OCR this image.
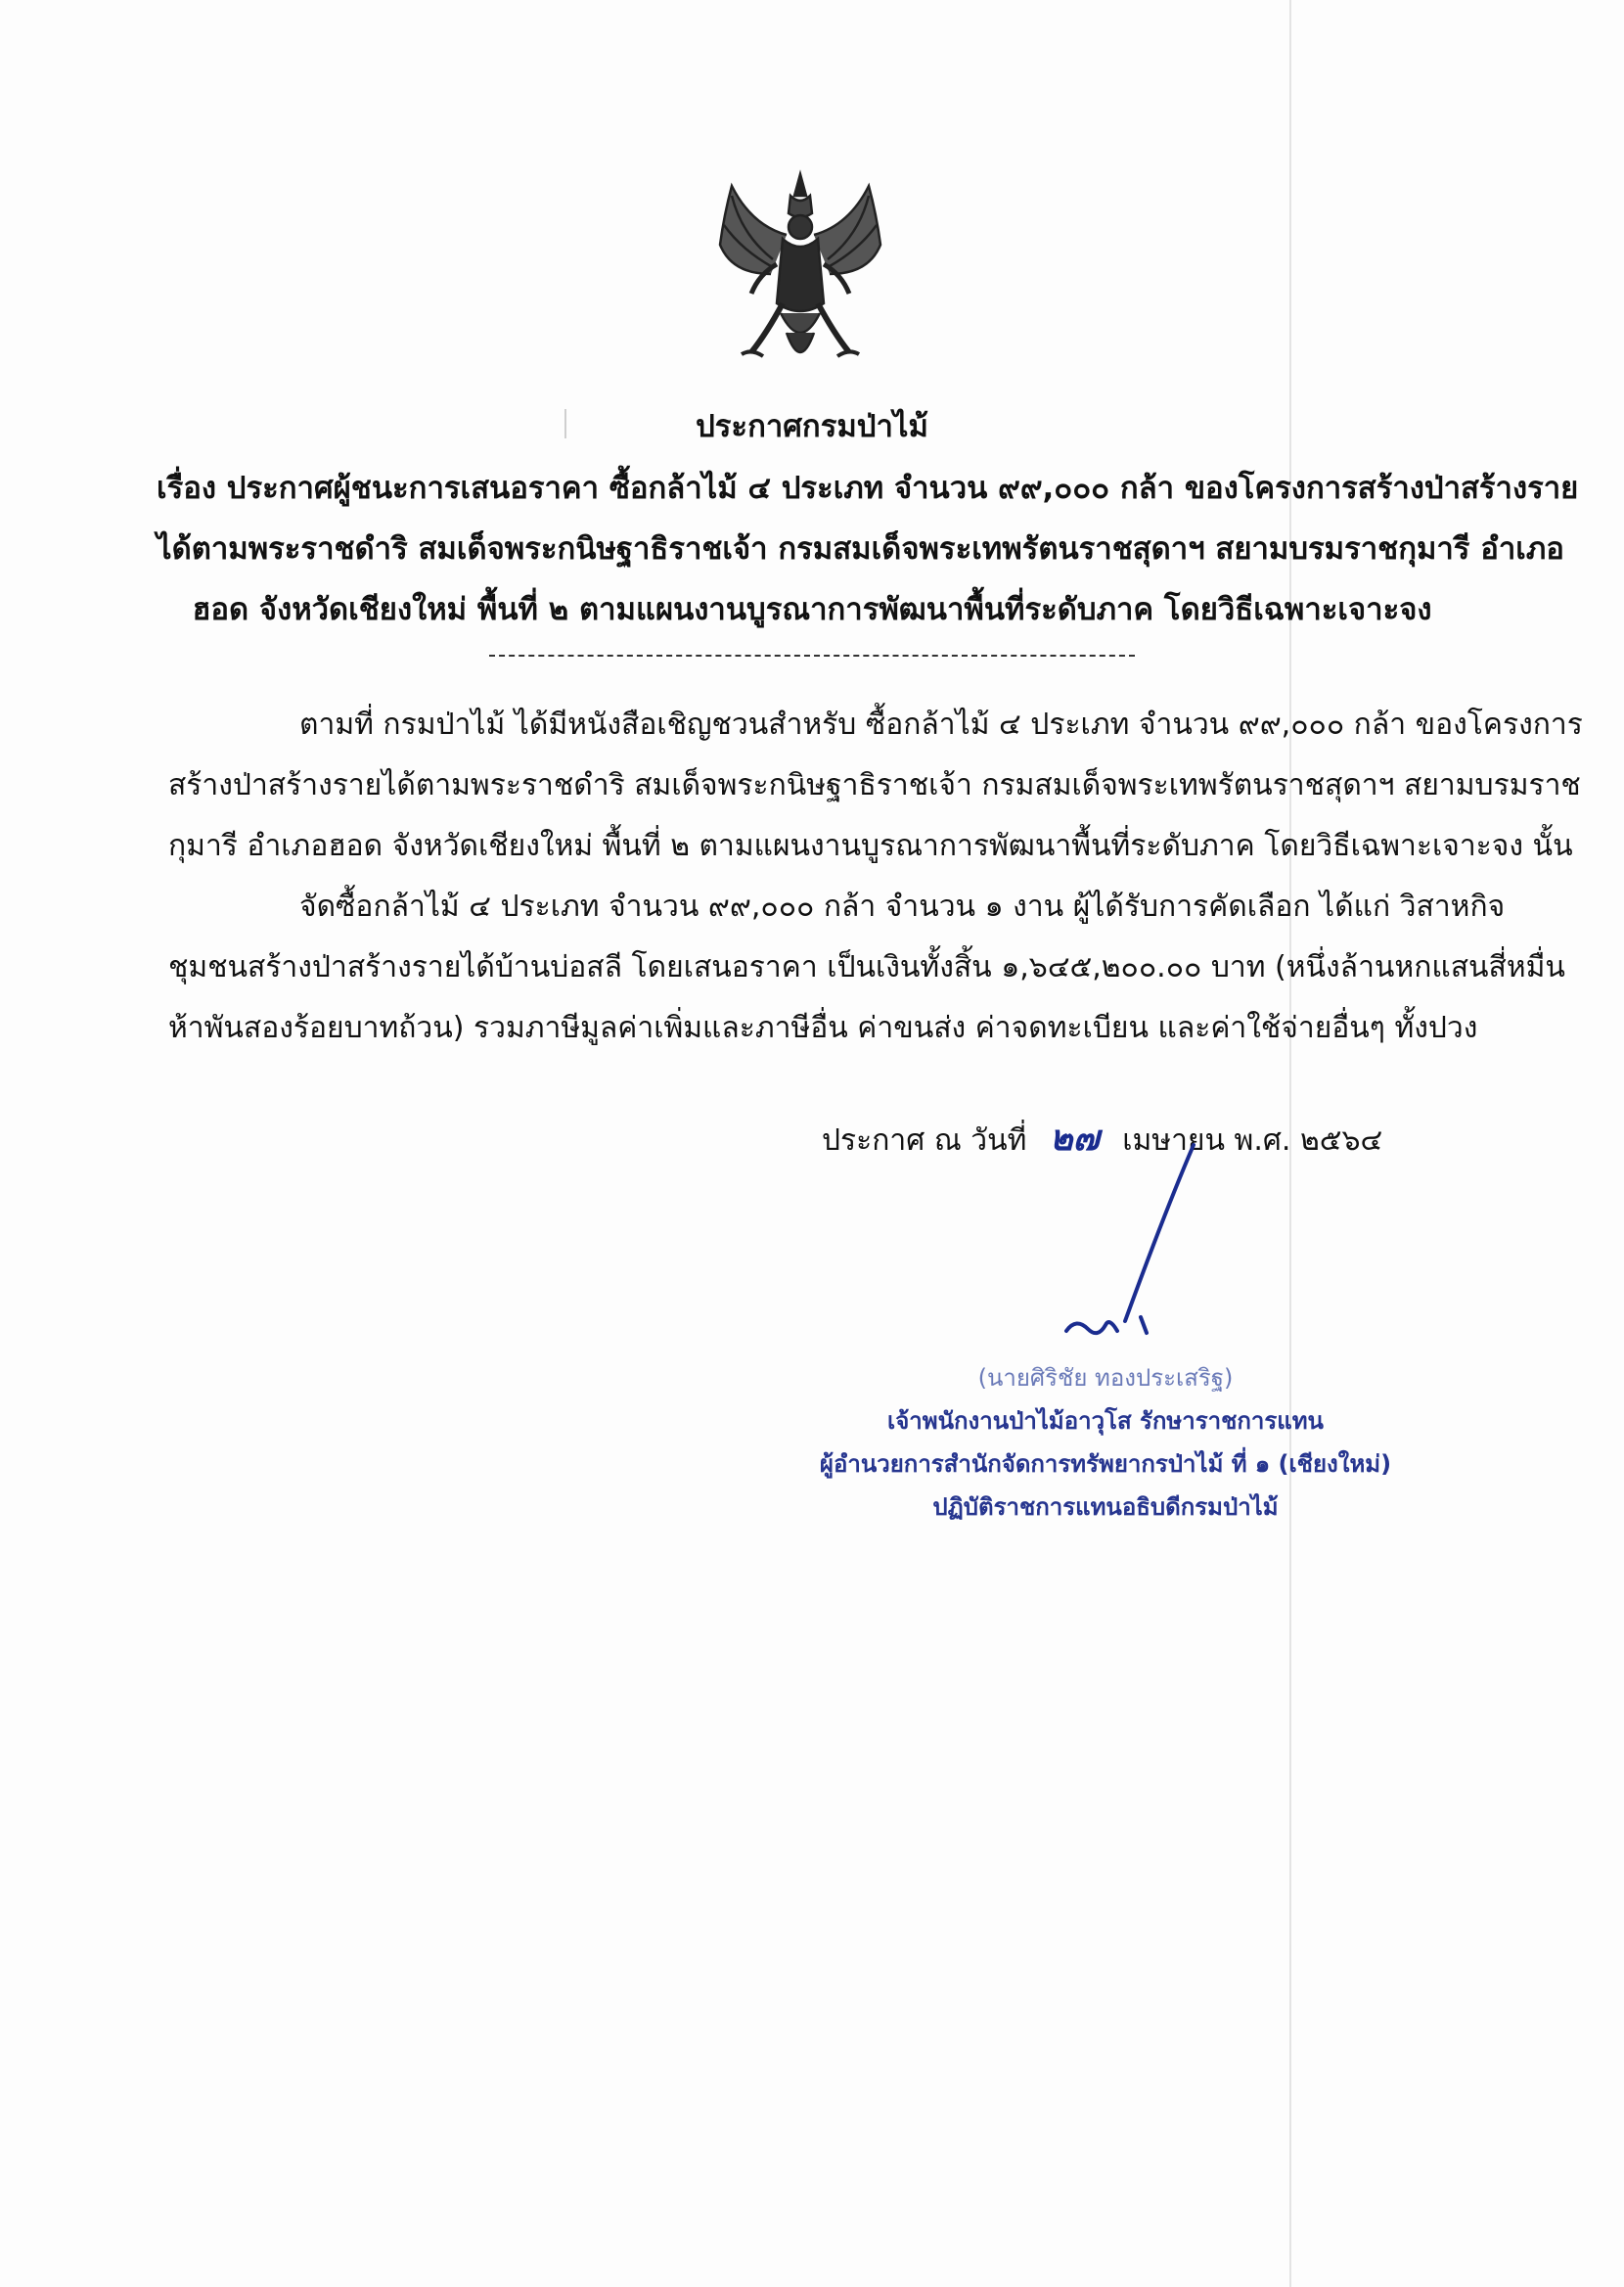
ประกาศกรมป่าไม้
เรื่อง ประกาศผู้ชนะการเสนอราคา ซื้อกล้าไม้ ๔ ประเภท จำนวน ๙๙,๐๐๐ กล้า ของโครงการสร้างป่าสร้างราย
ได้ตามพระราชดำริ สมเด็จพระกนิษฐาธิราชเจ้า กรมสมเด็จพระเทพรัตนราชสุดาฯ สยามบรมราชกุมารี อำเภอ
ฮอด จังหวัดเชียงใหม่ พื้นที่ ๒ ตามแผนงานบูรณาการพัฒนาพื้นที่ระดับภาค โดยวิธีเฉพาะเจาะจง
ตามที่ กรมป่าไม้ ได้มีหนังสือเชิญชวนสำหรับ ซื้อกล้าไม้ ๔ ประเภท จำนวน ๙๙,๐๐๐ กล้า ของโครงการ
สร้างป่าสร้างรายได้ตามพระราชดำริ สมเด็จพระกนิษฐาธิราชเจ้า กรมสมเด็จพระเทพรัตนราชสุดาฯ สยามบรมราช
กุมารี อำเภอฮอด จังหวัดเชียงใหม่ พื้นที่ ๒ ตามแผนงานบูรณาการพัฒนาพื้นที่ระดับภาค โดยวิธีเฉพาะเจาะจง นั้น
จัดซื้อกล้าไม้ ๔ ประเภท จำนวน ๙๙,๐๐๐ กล้า จำนวน ๑ งาน ผู้ได้รับการคัดเลือก ได้แก่ วิสาหกิจ
ชุมชนสร้างป่าสร้างรายได้บ้านบ่อสลี โดยเสนอราคา เป็นเงินทั้งสิ้น ๑,๖๔๕,๒๐๐.๐๐ บาท (หนึ่งล้านหกแสนสี่หมื่น
ห้าพันสองร้อยบาทถ้วน) รวมภาษีมูลค่าเพิ่มและภาษีอื่น ค่าขนส่ง ค่าจดทะเบียน และค่าใช้จ่ายอื่นๆ ทั้งปวง
ประกาศ ณ วันที่ ๒๗ เมษายน พ.ศ. ๒๕๖๔
(นายศิริชัย ทองประเสริฐ)
เจ้าพนักงานป่าไม้อาวุโส รักษาราชการแทน
ผู้อำนวยการสำนักจัดการทรัพยากรป่าไม้ ที่ ๑ (เชียงใหม่)
ปฏิบัติราชการแทนอธิบดีกรมป่าไม้
